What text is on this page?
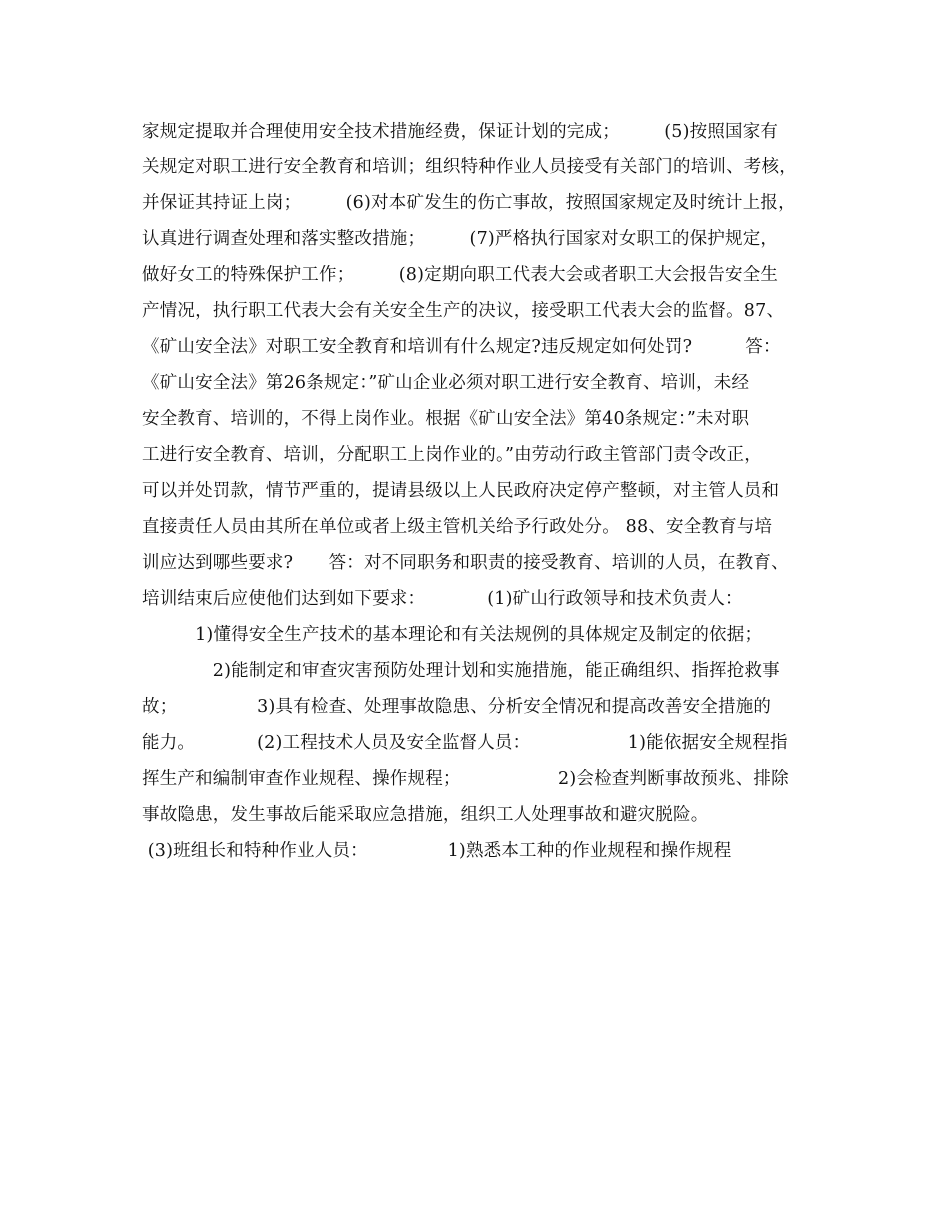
家规定提取并合理使用安全技术措施经费，保证计划的完成；　　　(5)按照国家有
关规定对职工进行安全教育和培训；组织特种作业人员接受有关部门的培训、考核，
并保证其持证上岗；　　　(6)对本矿发生的伤亡事故，按照国家规定及时统计上报，
认真进行调查处理和落实整改措施；　　　(7)严格执行国家对女职工的保护规定，
做好女工的特殊保护工作；　　　(8)定期向职工代表大会或者职工大会报告安全生
产情况，执行职工代表大会有关安全生产的决议，接受职工代表大会的监督。87、
《矿山安全法》对职工安全教育和培训有什么规定?违反规定如何处罚?　　　答：
《矿山安全法》第26条规定：”矿山企业必须对职工进行安全教育、培训，未经
安全教育、培训的，不得上岗作业。根据《矿山安全法》第40条规定：”未对职
工进行安全教育、培训，分配职工上岗作业的。”由劳动行政主管部门责令改正，
可以并处罚款，情节严重的，提请县级以上人民政府决定停产整顿，对主管人员和
直接责任人员由其所在单位或者上级主管机关给予行政处分。 88、安全教育与培
训应达到哪些要求?　　答：对不同职务和职责的接受教育、培训的人员，在教育、
培训结束后应使他们达到如下要求：　　　　(1)矿山行政领导和技术负责人：
　　　1)懂得安全生产技术的基本理论和有关法规例的具体规定及制定的依据；
　　　　2)能制定和审查灾害预防处理计划和实施措施，能正确组织、指挥抢救事
故；　　　　　3)具有检查、处理事故隐患、分析安全情况和提高改善安全措施的
能力。　　　　(2)工程技术人员及安全监督人员：　　　　　　1)能依据安全规程指
挥生产和编制审查作业规程、操作规程；　　　　　　2)会检查判断事故预兆、排除
事故隐患，发生事故后能采取应急措施，组织工人处理事故和避灾脱险。
(3)班组长和特种作业人员：　　　　　1)熟悉本工种的作业规程和操作规程
